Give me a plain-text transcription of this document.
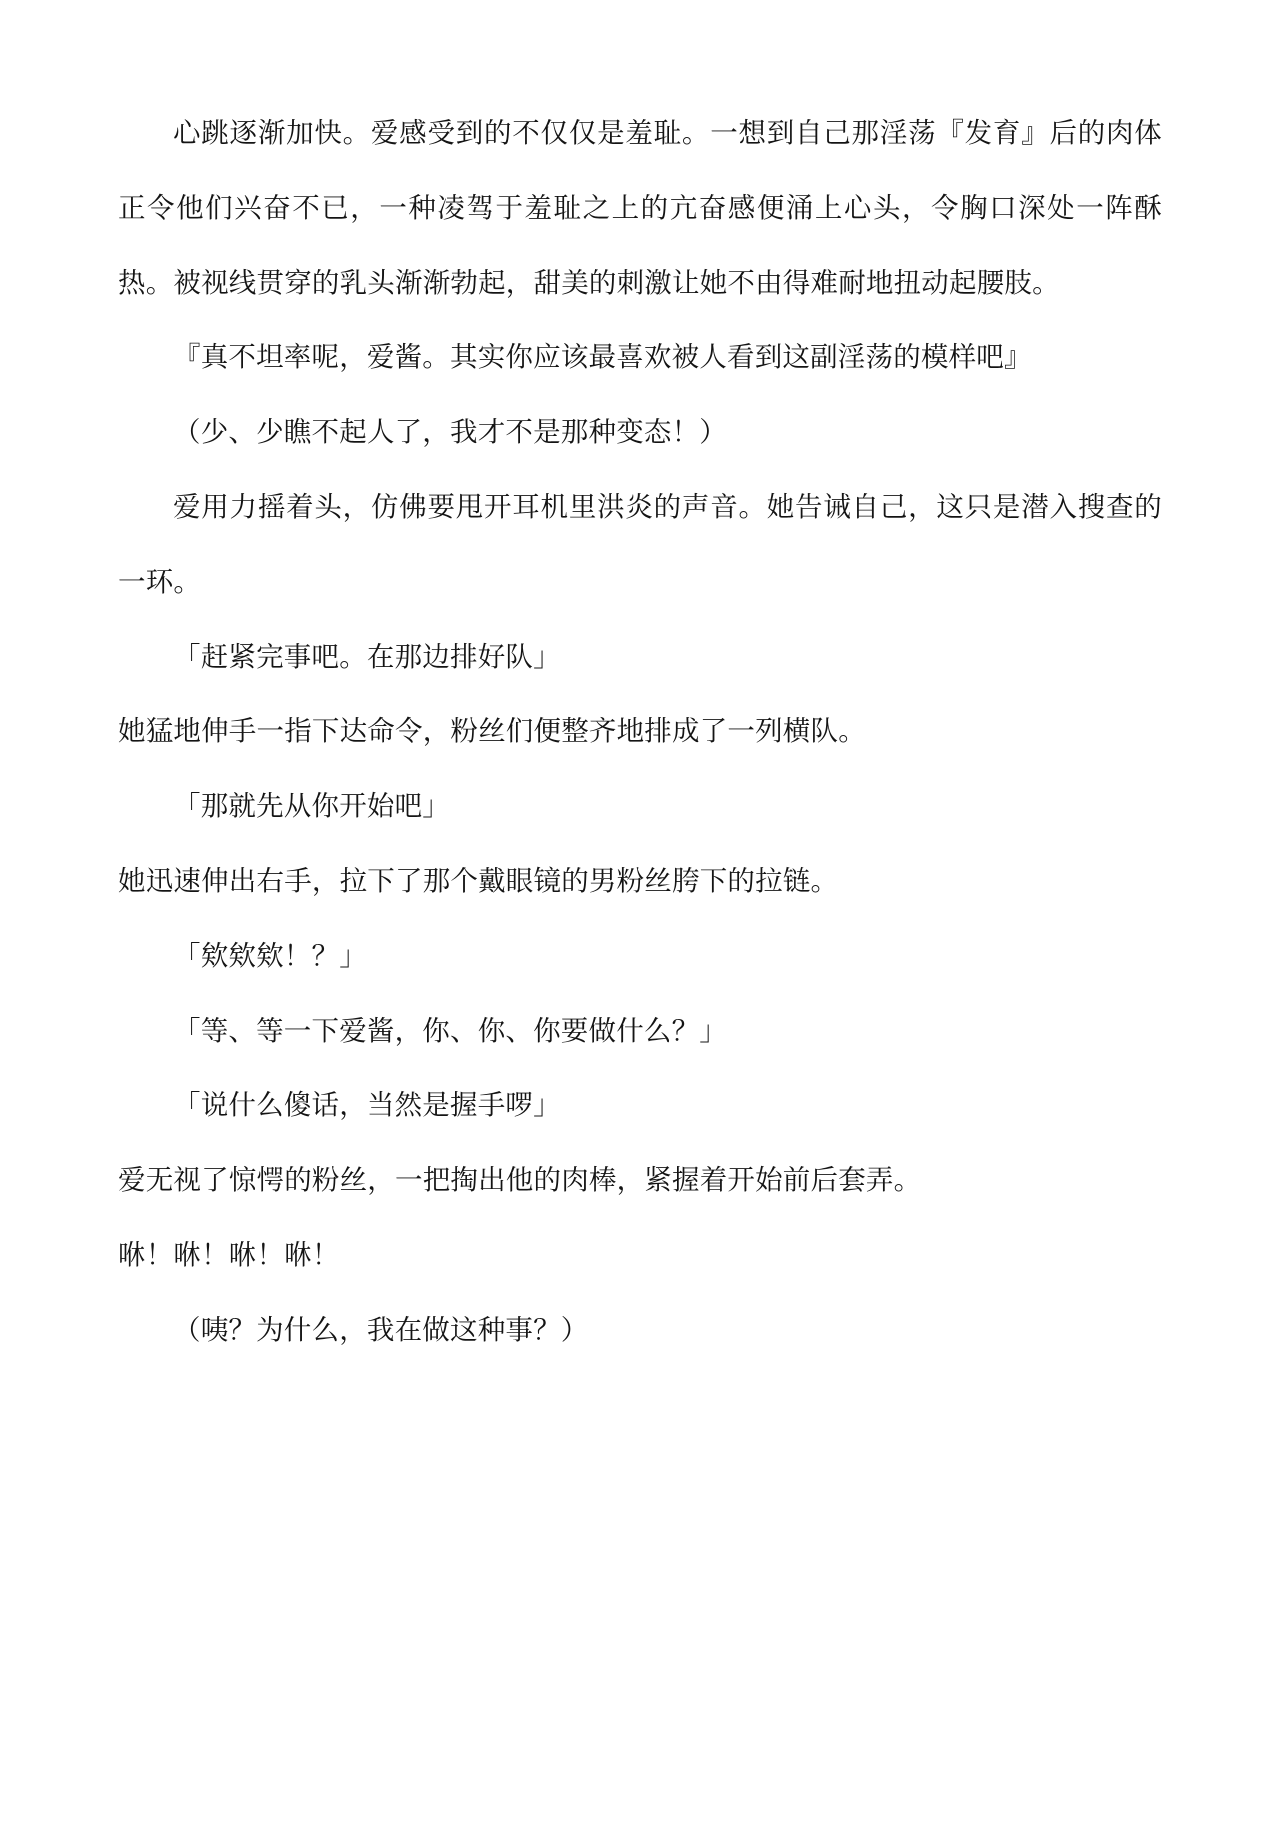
心跳逐渐加快。爱感受到的不仅仅是羞耻。一想到自己那淫荡『发育』后的肉体正令他们兴奋不已，一种凌驾于羞耻之上的亢奋感便涌上心头，令胸口深处一阵酥热。被视线贯穿的乳头渐渐勃起，甜美的刺激让她不由得难耐地扭动起腰肢。

『真不坦率呢，爱酱。其实你应该最喜欢被人看到这副淫荡的模样吧』

（少、少瞧不起人了，我才不是那种变态！）

爱用力摇着头，仿佛要甩开耳机里洪炎的声音。她告诫自己，这只是潜入搜查的一环。

「赶紧完事吧。在那边排好队」

她猛地伸手一指下达命令，粉丝们便整齐地排成了一列横队。

「那就先从你开始吧」

她迅速伸出右手，拉下了那个戴眼镜的男粉丝胯下的拉链。

「欸欸欸！？」

「等、等一下爱酱，你、你、你要做什么？」

「说什么傻话，当然是握手啰」

爱无视了惊愕的粉丝，一把掏出他的肉棒，紧握着开始前后套弄。

咻！咻！咻！咻！

（咦？为什么，我在做这种事？）
